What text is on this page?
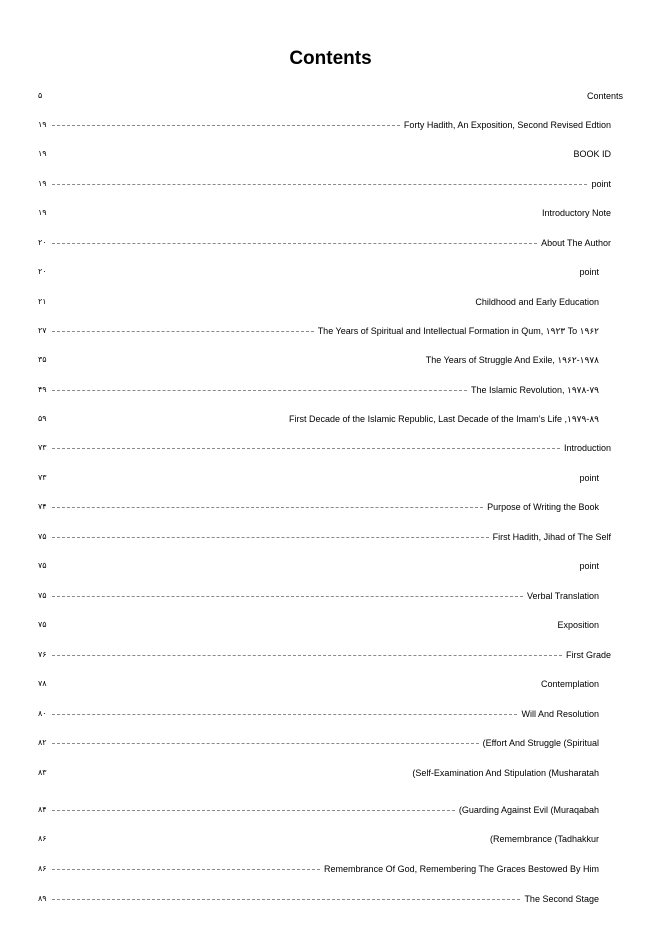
Contents
۵	Contents
۱۹	Forty Hadith, An Exposition, Second Revised Edtion
۱۹	BOOK ID
۱۹	point
۱۹	Introductory Note
۲۰	About The Author
۲۰	point
۲۱	Childhood and Early Education
۲۷	The Years of Spiritual and Intellectual Formation in Qum, ۱۹۲۳ To ۱۹۶۲
۳۵	The Years of Struggle And Exile, ۱۹۶۲-۱۹۷۸
۴۹	The Islamic Revolution, ۱۹۷۸-۷۹
۵۹	First Decade of the Islamic Republic, Last Decade of the Imam’s Life ,۱۹۷۹-۸۹
۷۳	Introduction
۷۳	point
۷۴	Purpose of Writing the Book
۷۵	First Hadith, Jihad of The Self
۷۵	point
۷۵	Verbal Translation
۷۵	Exposition
۷۶	First Grade
۷۸	Contemplation
۸۰	Will And Resolution
۸۲	(Effort And Struggle (Spiritual
۸۳	(Self-Examination And Stipulation (Musharatah
۸۴	(Guarding Against Evil (Muraqabah
۸۶	(Remembrance (Tadhakkur
۸۶	Remembrance Of God, Remembering The Graces Bestowed By Him
۸۹	The Second Stage
